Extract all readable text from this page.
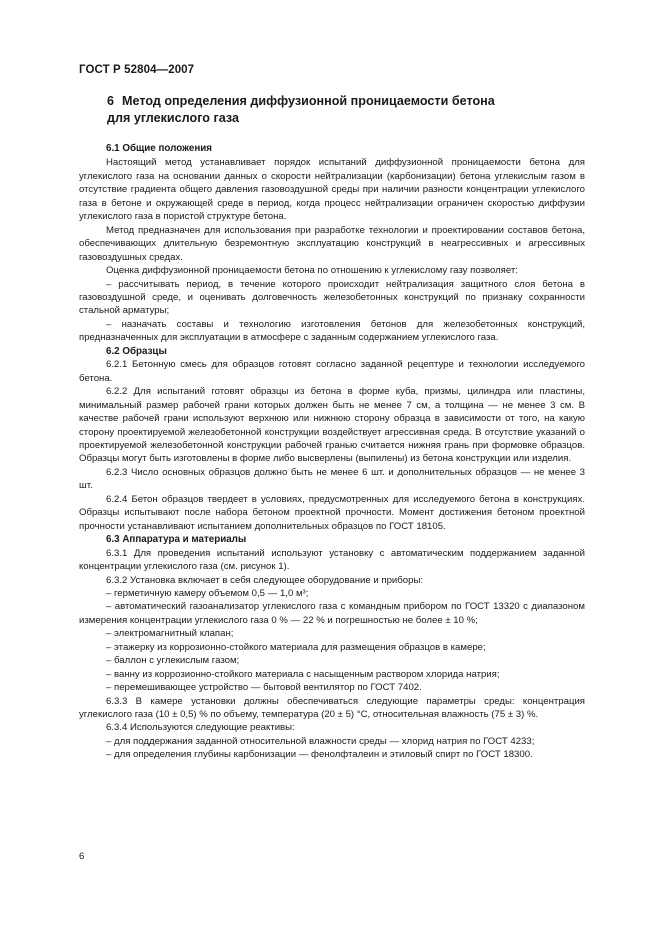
ГОСТ Р 52804—2007
6 Метод определения диффузионной проницаемости бетона
для углекислого газа
6.1 Общие положения

Настоящий метод устанавливает порядок испытаний диффузионной проницаемости бетона для углекислого газа на основании данных о скорости нейтрализации (карбонизации) бетона углекислым газом в отсутствие градиента общего давления газовоздушной среды при наличии разности концентрации углекислого газа в бетоне и окружающей среде в период, когда процесс нейтрализации ограничен скоростью диффузии углекислого газа в пористой структуре бетона.

Метод предназначен для использования при разработке технологии и проектировании составов бетона, обеспечивающих длительную безремонтную эксплуатацию конструкций в неагрессивных и агрессивных газовоздушных средах.

Оценка диффузионной проницаемости бетона по отношению к углекислому газу позволяет:

– рассчитывать период, в течение которого происходит нейтрализация защитного слоя бетона в газовоздушной среде, и оценивать долговечность железобетонных конструкций по признаку сохранности стальной арматуры;

– назначать составы и технологию изготовления бетонов для железобетонных конструкций, предназначенных для эксплуатации в атмосфере с заданным содержанием углекислого газа.

6.2 Образцы

6.2.1 Бетонную смесь для образцов готовят согласно заданной рецептуре и технологии исследуемого бетона.

6.2.2 Для испытаний готовят образцы из бетона в форме куба, призмы, цилиндра или пластины, минимальный размер рабочей грани которых должен быть не менее 7 см, а толщина — не менее 3 см. В качестве рабочей грани используют верхнюю или нижнюю сторону образца в зависимости от того, на какую сторону проектируемой железобетонной конструкции воздействует агрессивная среда. В отсутствие указаний о проектируемой железобетонной конструкции рабочей гранью считается нижняя грань при формовке образцов. Образцы могут быть изготовлены в форме либо высверлены (выпилены) из бетона конструкции или изделия.

6.2.3 Число основных образцов должно быть не менее 6 шт. и дополнительных образцов — не менее 3 шт.

6.2.4 Бетон образцов твердеет в условиях, предусмотренных для исследуемого бетона в конструкциях. Образцы испытывают после набора бетоном проектной прочности. Момент достижения бетоном проектной прочности устанавливают испытанием дополнительных образцов по ГОСТ 18105.

6.3 Аппаратура и материалы

6.3.1 Для проведения испытаний используют установку с автоматическим поддержанием заданной концентрации углекислого газа (см. рисунок 1).

6.3.2 Установка включает в себя следующее оборудование и приборы:

– герметичную камеру объемом 0,5 — 1,0 м³;

– автоматический газоанализатор углекислого газа с командным прибором по ГОСТ 13320 с диапазоном измерения концентрации углекислого газа 0 % — 22 % и погрешностью не более ± 10 %;

– электромагнитный клапан;

– этажерку из коррозионно-стойкого материала для размещения образцов в камере;

– баллон с углекислым газом;

– ванну из коррозионно-стойкого материала с насыщенным раствором хлорида натрия;

– перемешивающее устройство — бытовой вентилятор по ГОСТ 7402.

6.3.3 В камере установки должны обеспечиваться следующие параметры среды: концентрация углекислого газа (10 ± 0,5) % по объему, температура (20 ± 5) °С, относительная влажность (75 ± 3) %.

6.3.4 Используются следующие реактивы:

– для поддержания заданной относительной влажности среды — хлорид натрия по ГОСТ 4233;

– для определения глубины карбонизации — фенолфталеин и этиловый спирт по ГОСТ 18300.

6
